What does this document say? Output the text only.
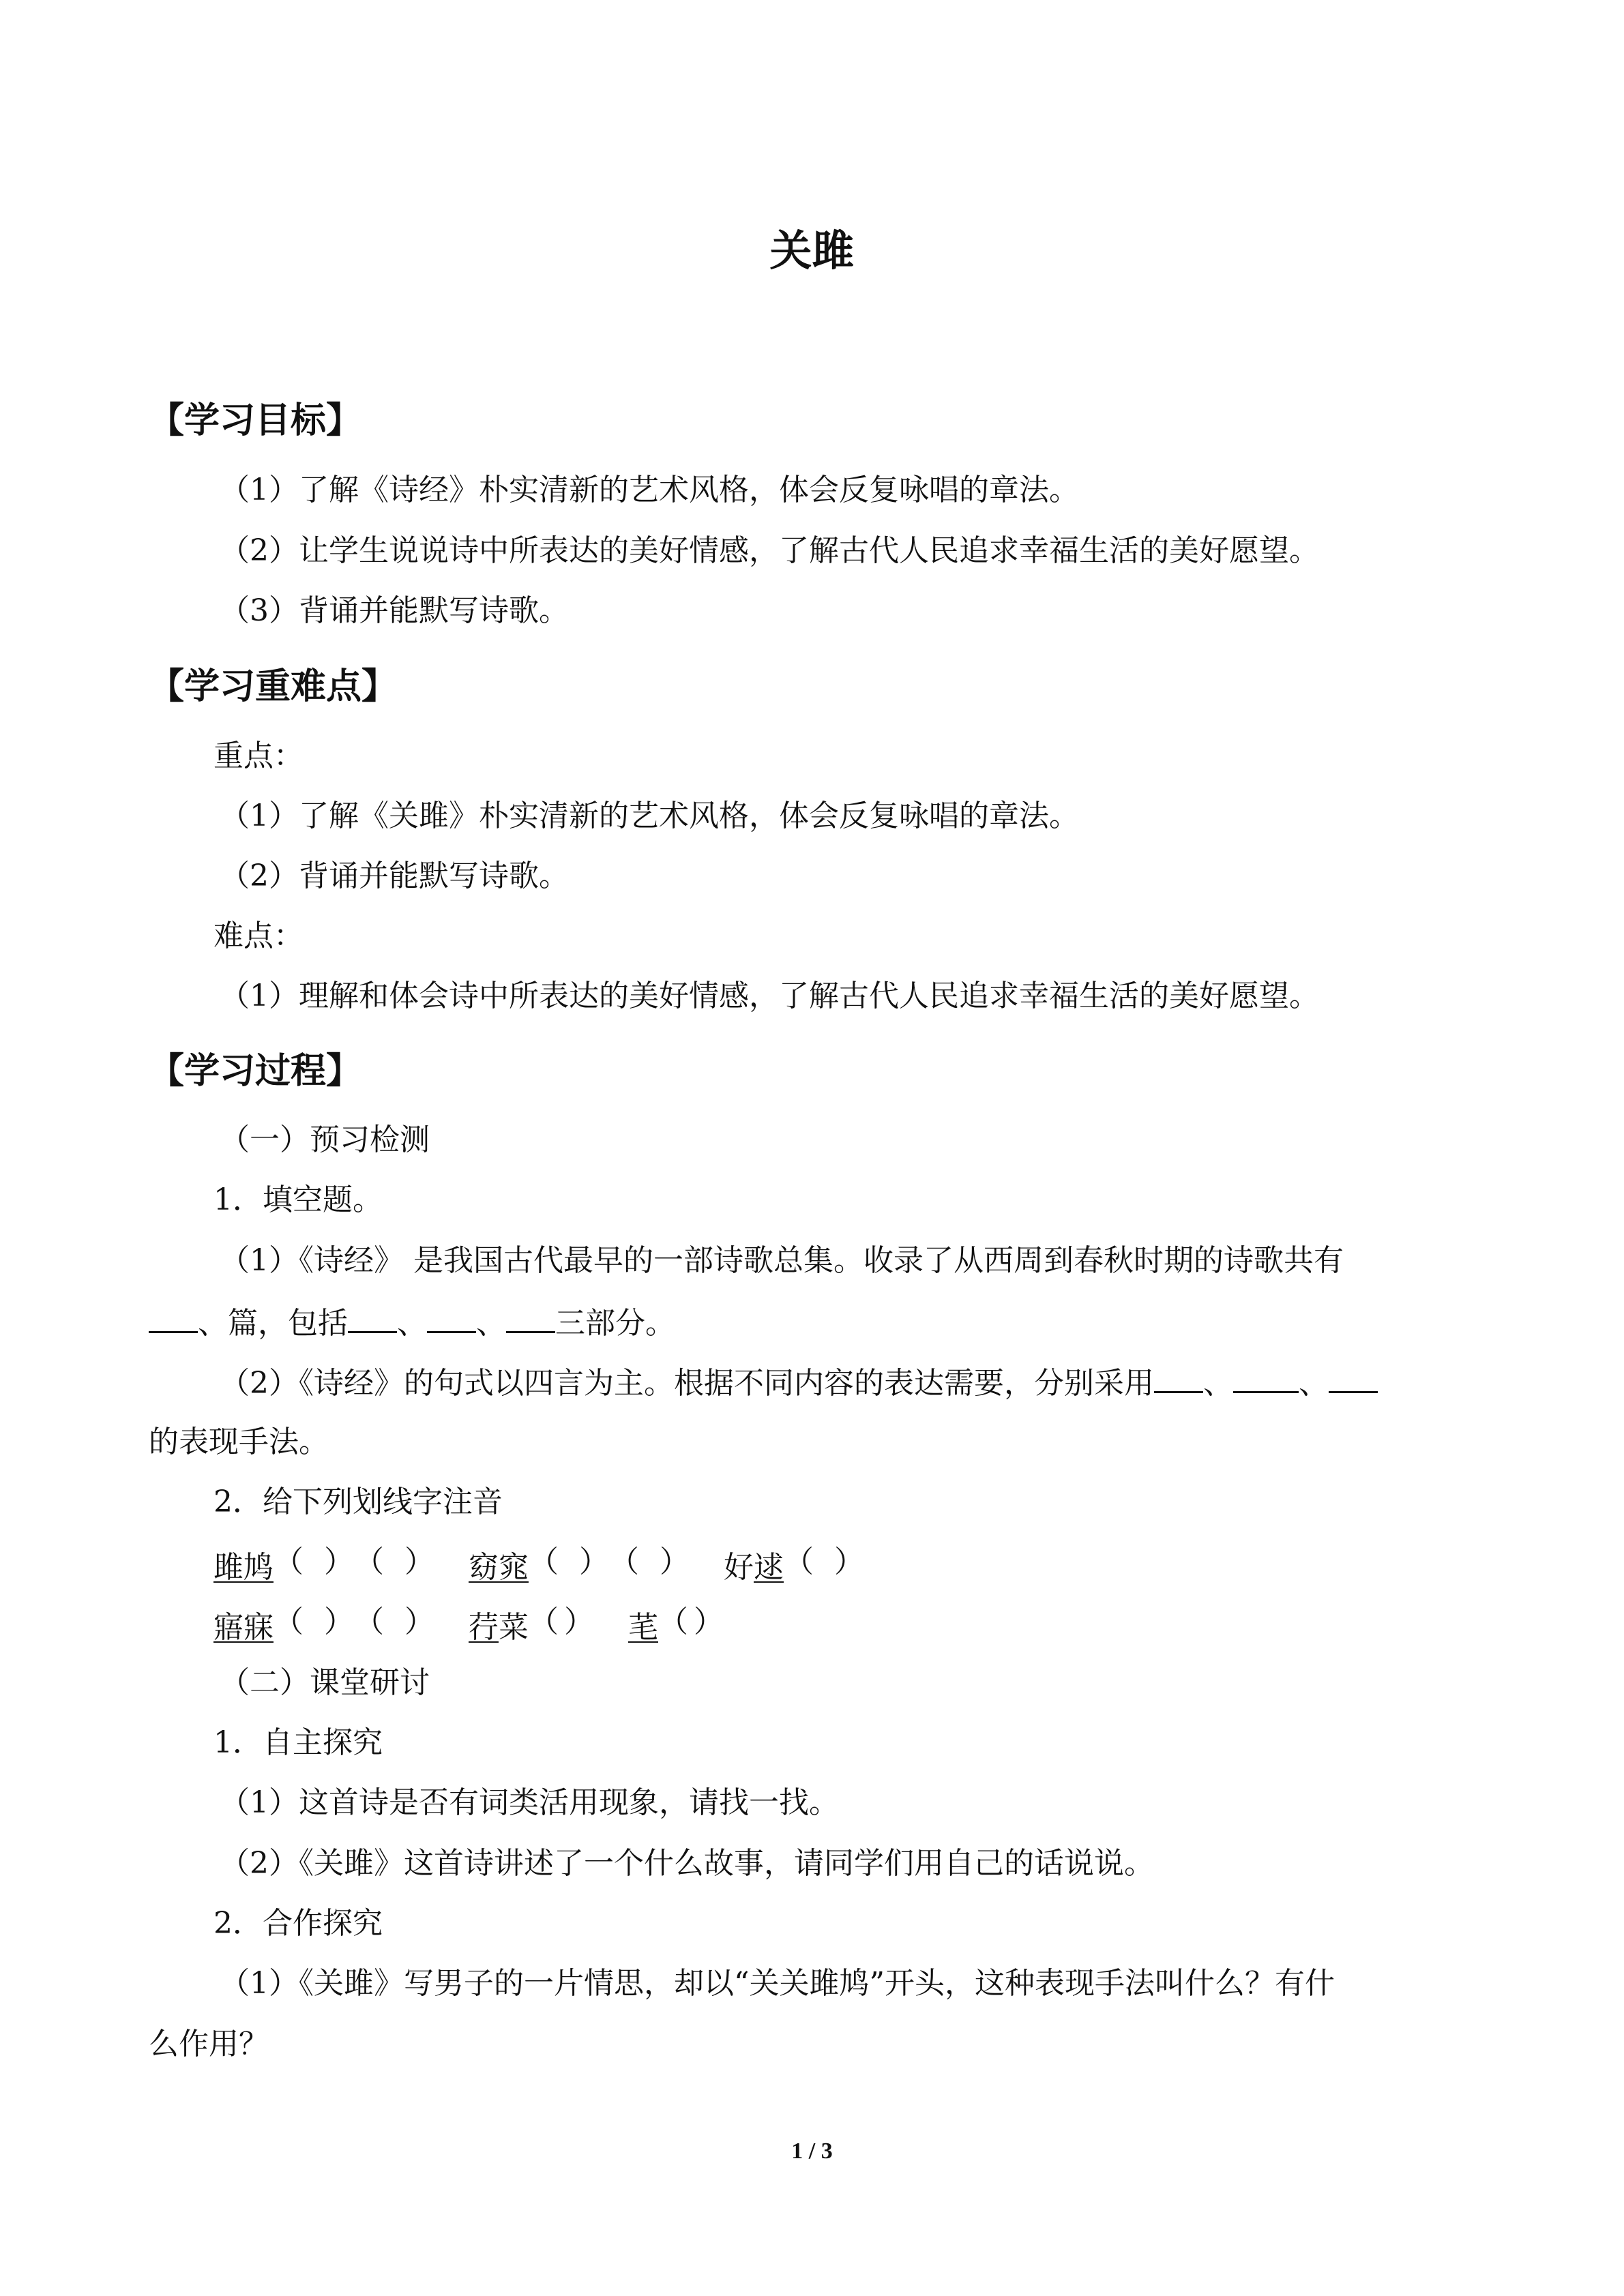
关雎
【学习目标】
（1）了解《诗经》朴实清新的艺术风格，体会反复咏唱的章法。
（2）让学生说说诗中所表达的美好情感，了解古代人民追求幸福生活的美好愿望。
（3）背诵并能默写诗歌。
【学习重难点】
重点：
（1）了解《关雎》朴实清新的艺术风格，体会反复咏唱的章法。
（2）背诵并能默写诗歌。
难点：
（1）理解和体会诗中所表达的美好情感，了解古代人民追求幸福生活的美好愿望。
【学习过程】
（一）预习检测
1．填空题。
（1）《诗经》 是我国古代最早的一部诗歌总集。收录了从西周到春秋时期的诗歌共有
、篇，包括 、 、 三部分。
（2）《诗经》的句式以四言为主。根据不同内容的表达需要，分别采用 、 、
的表现手法。
2．给下列划线字注音
雎鸠 （ ） （ ） 窈窕 （ ） （ ） 好逑 （ ）
寤寐 （ ） （ ） 荇菜 （ ） 芼 （ ）
（二）课堂研讨
1．自主探究
（1）这首诗是否有词类活用现象，请找一找。
（2）《关雎》这首诗讲述了一个什么故事，请同学们用自己的话说说。
2．合作探究
（1）《关雎》写男子的一片情思，却以“关关雎鸠”开头，这种表现手法叫什么？有什
么作用？
1 / 3
